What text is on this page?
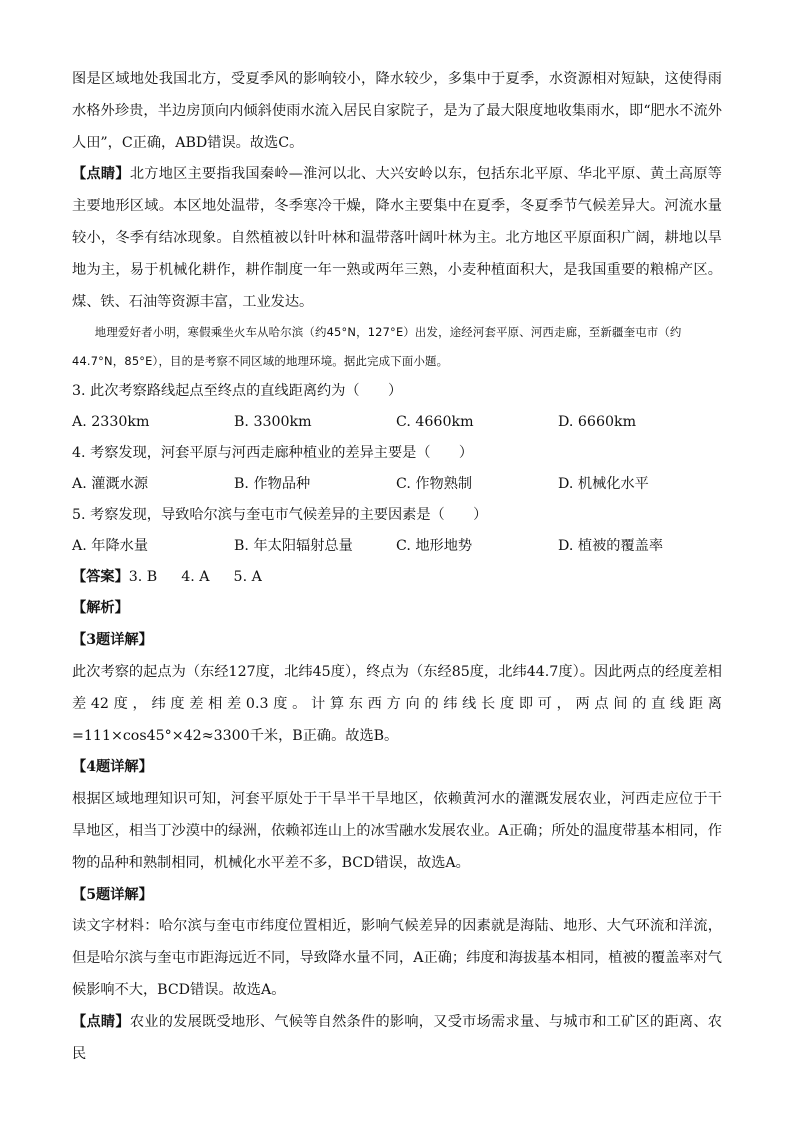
图是区域地处我国北方，受夏季风的影响较小，降水较少，多集中于夏季，水资源相对短缺，这使得雨水格外珍贵，半边房顶向内倾斜使雨水流入居民自家院子，是为了最大限度地收集雨水，即“肥水不流外人田”，C正确，ABD错误。故选C。

【点睛】北方地区主要指我国秦岭—淮河以北、大兴安岭以东，包括东北平原、华北平原、黄土高原等主要地形区域。本区地处温带，冬季寒冷干燥，降水主要集中在夏季，冬夏季节气候差异大。河流水量较小，冬季有结冰现象。自然植被以针叶林和温带落叶阔叶林为主。北方地区平原面积广阔，耕地以旱地为主，易于机械化耕作，耕作制度一年一熟或两年三熟，小麦种植面积大，是我国重要的粮棉产区。煤、铁、石油等资源丰富，工业发达。

地理爱好者小明，寒假乘坐火车从哈尔滨（约45°N，127°E）出发，途经河套平原、河西走廊，至新疆奎屯市（约44.7°N，85°E），目的是考察不同区域的地理环境。据此完成下面小题。

3. 此次考察路线起点至终点的直线距离约为（　　）

A. 2330km	B. 3300km	C. 4660km	D. 6660km

4. 考察发现，河套平原与河西走廊种植业的差异主要是（　　）

A. 灌溉水源	B. 作物品种	C. 作物熟制	D. 机械化水平

5. 考察发现，导致哈尔滨与奎屯市气候差异的主要因素是（　　）

A. 年降水量	B. 年太阳辐射总量	C. 地形地势	D. 植被的覆盖率

【答案】3. B 4. A 5. A

【解析】

【3题详解】

此次考察的起点为（东经127度，北纬45度），终点为（东经85度，北纬44.7度）。因此两点的经度差相差42度，纬度差相差0.3度。计算东西方向的纬线长度即可，两点间的直线距离=111×cos45°×42≈3300千米，B正确。故选B。

【4题详解】

根据区域地理知识可知，河套平原处于干旱半干旱地区，依赖黄河水的灌溉发展农业，河西走应位于干旱地区，相当丁沙漠中的绿洲，依赖祁连山上的冰雪融水发展农业。A正确；所处的温度带基本相同，作物的品种和熟制相同，机械化水平差不多，BCD错误，故选A。

【5题详解】

读文字材料：哈尔滨与奎屯市纬度位置相近，影响气候差异的因素就是海陆、地形、大气环流和洋流，但是哈尔滨与奎屯市距海远近不同，导致降水量不同，A正确；纬度和海拔基本相同，植被的覆盖率对气候影响不大，BCD错误。故选A。

【点睛】农业的发展既受地形、气候等自然条件的影响，又受市场需求量、与城市和工矿区的距离、农民
